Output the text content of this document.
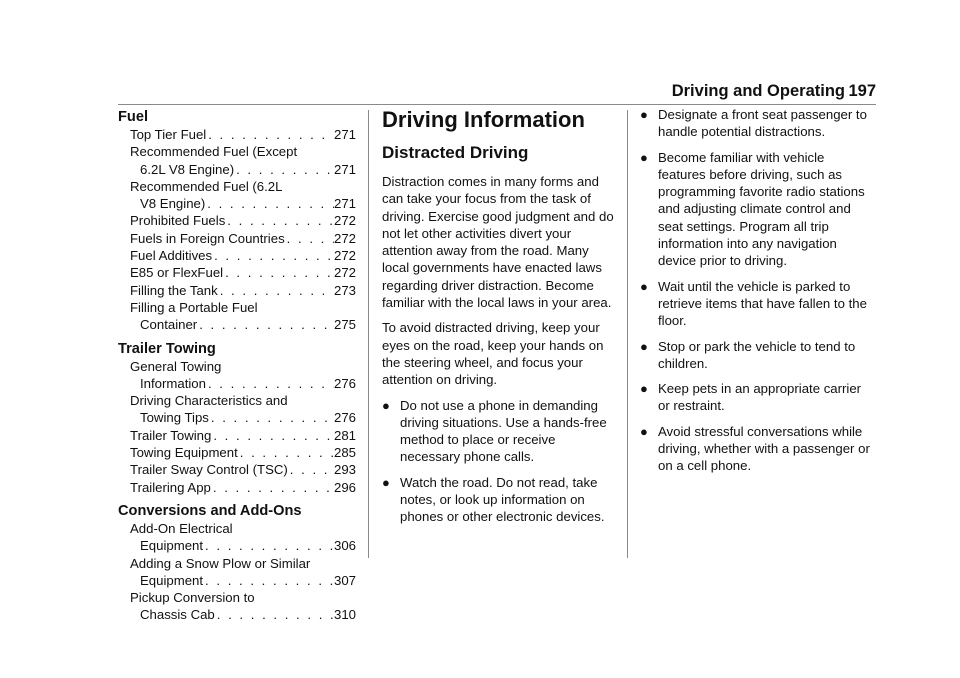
Driving and Operating 197
Fuel
Top Tier Fuel . . .	271
Recommended Fuel (Except
6.2L V8 Engine) . . .	271
Recommended Fuel (6.2L
V8 Engine) . . .	271
Prohibited Fuels . . .	272
Fuels in Foreign Countries . . .	272
Fuel Additives . . .	272
E85 or FlexFuel . . .	272
Filling the Tank . . .	273
Filling a Portable Fuel
Container . . .	275
Trailer Towing
General Towing
Information . . .	276
Driving Characteristics and
Towing Tips . . .	276
Trailer Towing . . .	281
Towing Equipment . . .	285
Trailer Sway Control (TSC) . . .	293
Trailering App . . .	296
Conversions and Add-Ons
Add-On Electrical
Equipment . . .	306
Adding a Snow Plow or Similar
Equipment . . .	307
Pickup Conversion to
Chassis Cab . . .	310
Driving Information
Distracted Driving

Distraction comes in many forms and can take your focus from the task of driving. Exercise good judgment and do not let other activities divert your attention away from the road. Many local governments have enacted laws regarding driver distraction. Become familiar with the local laws in your area.

To avoid distracted driving, keep your eyes on the road, keep your hands on the steering wheel, and focus your attention on driving.

● Do not use a phone in demanding driving situations. Use a hands-free method to place or receive necessary phone calls.
● Watch the road. Do not read, take notes, or look up information on phones or other electronic devices.
● Designate a front seat passenger to handle potential distractions.
● Become familiar with vehicle features before driving, such as programming favorite radio stations and adjusting climate control and seat settings. Program all trip information into any navigation device prior to driving.
● Wait until the vehicle is parked to retrieve items that have fallen to the floor.
● Stop or park the vehicle to tend to children.
● Keep pets in an appropriate carrier or restraint.
● Avoid stressful conversations while driving, whether with a passenger or on a cell phone.
